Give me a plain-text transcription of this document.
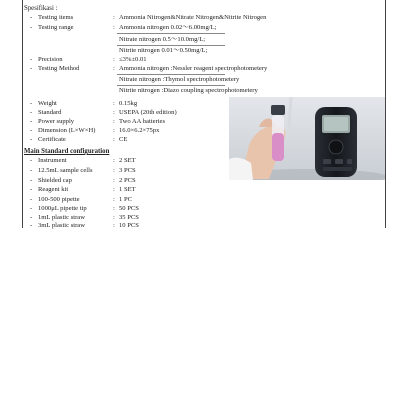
Spesifikasi :
- Testing items	: Ammonia Nitrogen&Nitrate Nitrogen&Nitrite Nitrogen
- Testing range	: Ammonia nitrogen 0.02～6.00mg/L;
Nitrate nitrogen 0.5～10.0mg/L;
Nitrite nitrogen 0.01～0.50mg/L;
- Precision	: ≤3%±0.01
- Testing Method	: Ammonia nitrogen :Nessler reagent spectrophotometery
Nitrate nitrogen :Thymol spectrophotometery
Nitrite nitrogen :Diazo coupling spectrophotometery
- Weight	: 0.15kg
- Standard	: USEPA (20th edition)
- Power supply	: Two AA batteries
- Dimension (L×W×H)	: 16.0×6.2×75px
- Certificate	: CE
Main Standard configuration
- Instrument	: 2 SET
- 12.5mL sample cells	: 3 PCS
- Shielded cap	: 2 PCS
- Reagent kit	: 1 SET
- 100-500 pipette	: 1 PC
- 1000μL pipette tip	: 50 PCS
- 1mL plastic straw	: 35 PCS
- 3mL plastic straw	: 10 PCS
